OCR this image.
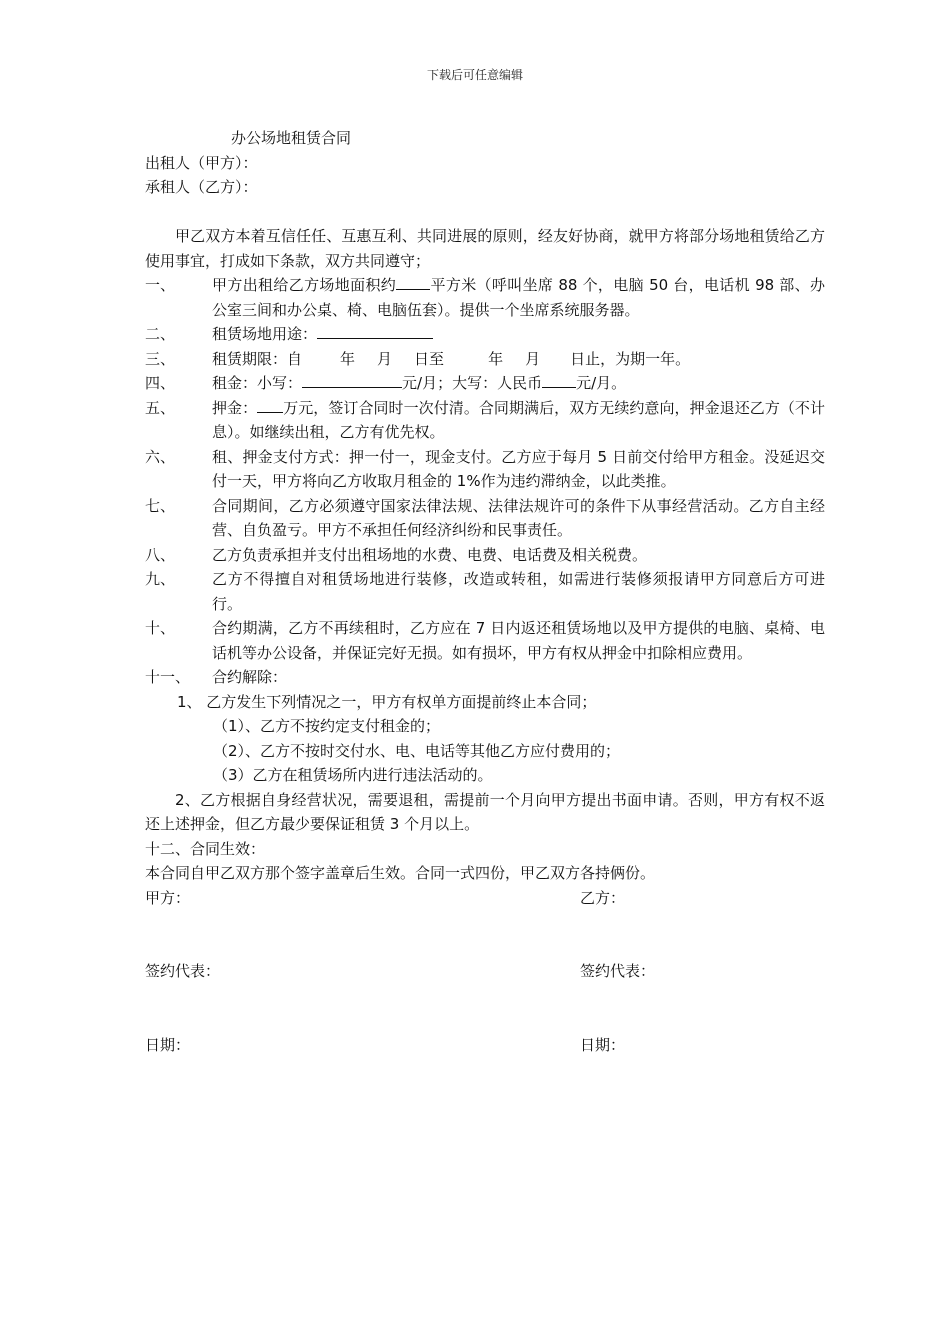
下载后可任意编辑
办公场地租赁合同
出租人（甲方）：
承租人（乙方）：
甲乙双方本着互信任任、互惠互利、共同进展的原则，经友好协商，就甲方将部分场地租赁给乙方使用事宜，打成如下条款，双方共同遵守；
一、	甲方出租给乙方场地面积约 平方米（呼叫坐席 88 个，电脑 50 台，电话机 98 部、办公室三间和办公桌、椅、电脑伍套）。提供一个坐席系统服务器。
二、	租赁场地用途：
三、	租赁期限：自	年 月 日至	年 月 日止，为期一年。
四、	租金：小写：	元/月；大写：人民币 元/月。
五、	押金： 万元，签订合同时一次付清。合同期满后，双方无续约意向，押金退还乙方（不计息）。如继续出租，乙方有优先权。
六、	租、押金支付方式：押一付一，现金支付。乙方应于每月 5 日前交付给甲方租金。没延迟交付一天，甲方将向乙方收取月租金的 1%作为违约滞纳金，以此类推。
七、	合同期间，乙方必须遵守国家法律法规、法律法规许可的条件下从事经营活动。乙方自主经营、自负盈亏。甲方不承担任何经济纠纷和民事责任。
八、	乙方负责承担并支付出租场地的水费、电费、电话费及相关税费。
九、	乙方不得擅自对租赁场地进行装修，改造或转租，如需进行装修须报请甲方同意后方可进行。
十、	合约期满，乙方不再续租时，乙方应在 7 日内返还租赁场地以及甲方提供的电脑、桌椅、电话机等办公设备，并保证完好无损。如有损坏，甲方有权从押金中扣除相应费用。
十一、	合约解除：
1、 乙方发生下列情况之一，甲方有权单方面提前终止本合同；
（1）、乙方不按约定支付租金的；
（2）、乙方不按时交付水、电、电话等其他乙方应付费用的；
（3）乙方在租赁场所内进行违法活动的。
2、乙方根据自身经营状况，需要退租，需提前一个月向甲方提出书面申请。否则，甲方有权不返还上述押金，但乙方最少要保证租赁 3 个月以上。
十二、合同生效：
本合同自甲乙双方那个签字盖章后生效。合同一式四份，甲乙双方各持俩份。
甲方：	乙方：
签约代表：	签约代表：
日期：	日期：
